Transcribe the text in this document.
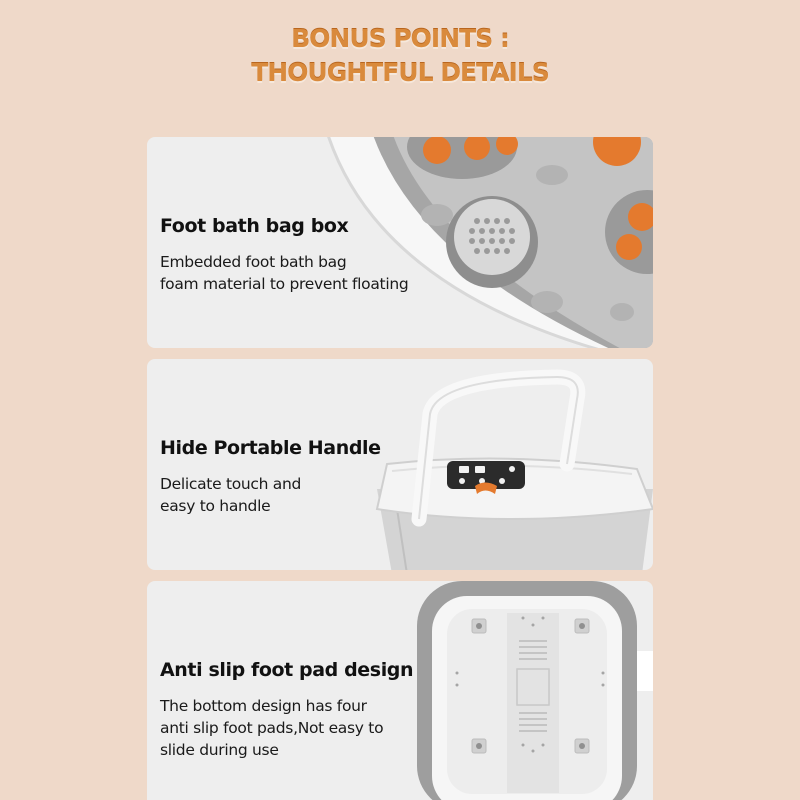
BONUS POINTS :
THOUGHTFUL DETAILS
Foot bath bag box

Embedded foot bath bag

foam material to prevent floating

Hide Portable Handle

Delicate touch and

easy to handle

Anti slip foot pad design

The bottom design has four

anti slip foot pads,Not easy to

slide during use
